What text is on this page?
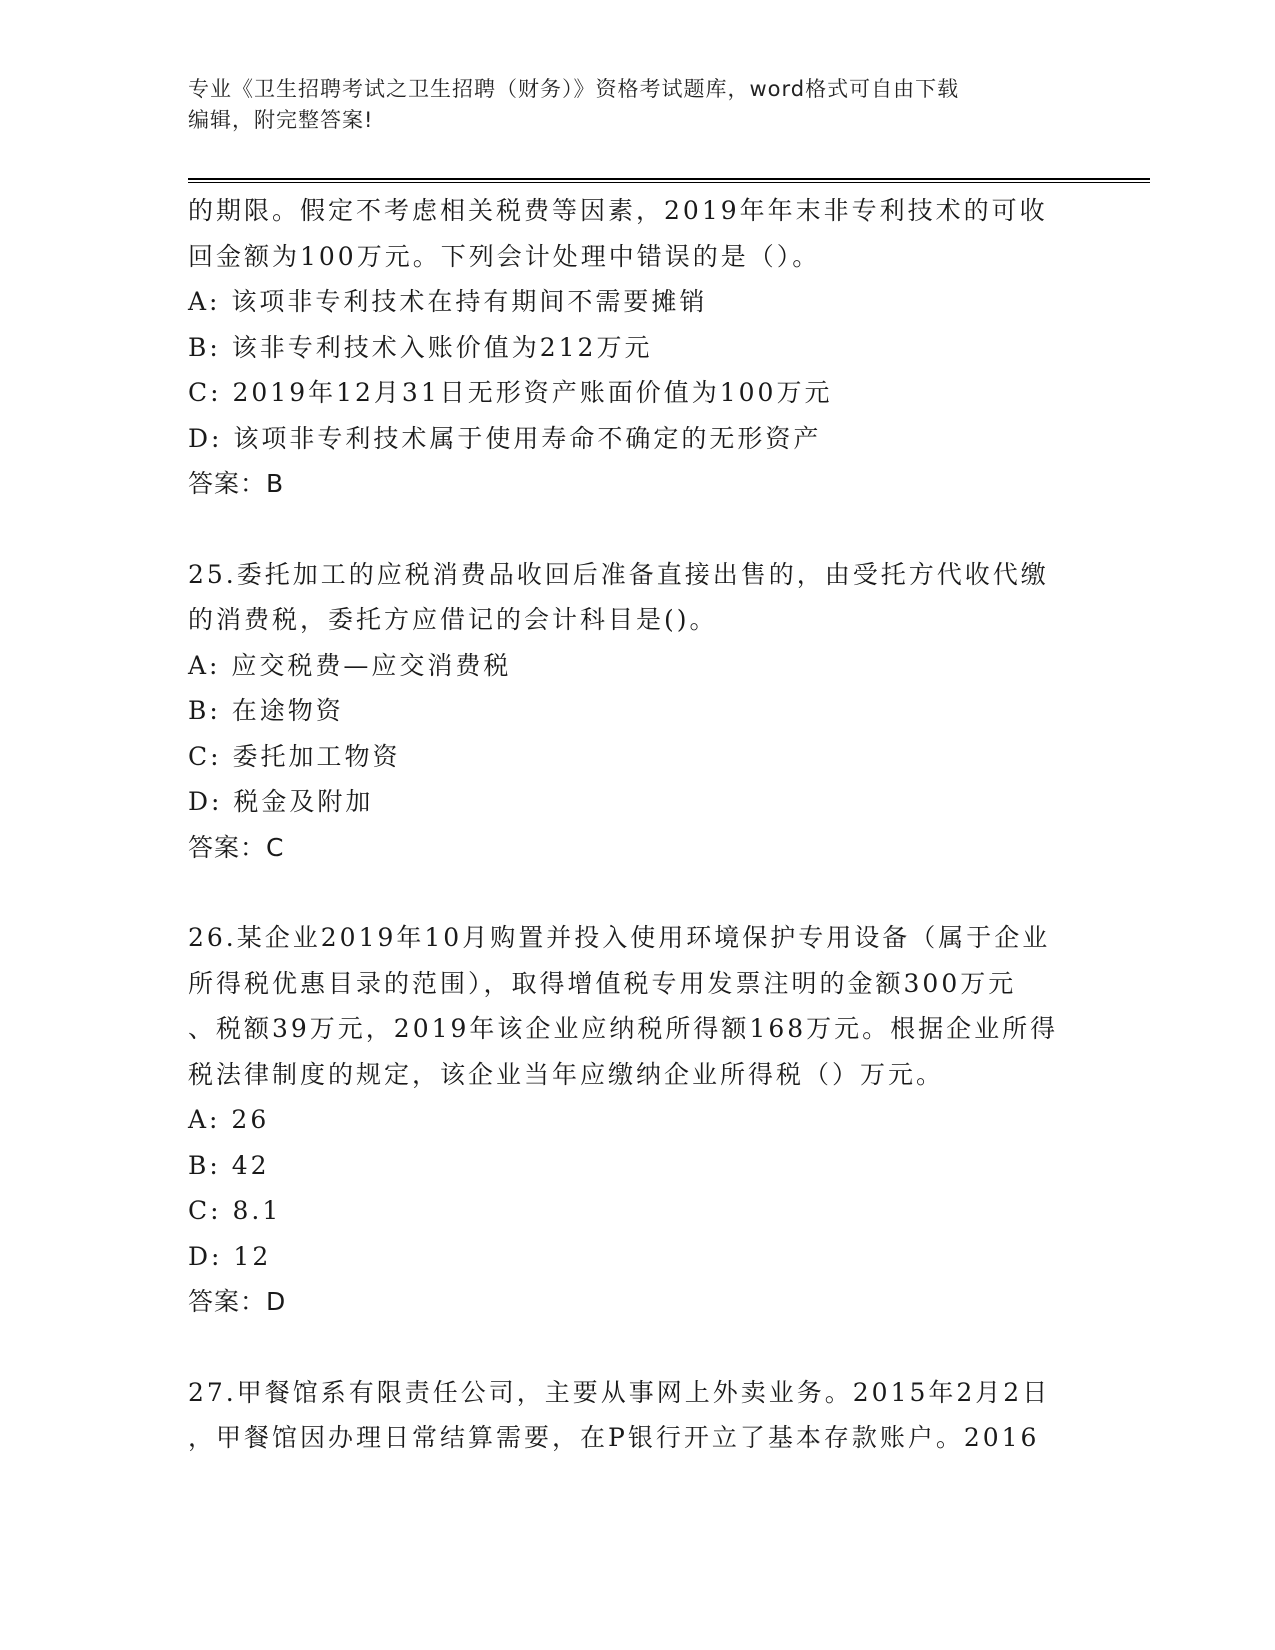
专业《卫生招聘考试之卫生招聘（财务）》资格考试题库，word格式可自由下载
编辑，附完整答案!
的期限。假定不考虑相关税费等因素，2019年年末非专利技术的可收
回金额为100万元。下列会计处理中错误的是（）。
A: 该项非专利技术在持有期间不需要摊销
B: 该非专利技术入账价值为212万元
C: 2019年12月31日无形资产账面价值为100万元
D: 该项非专利技术属于使用寿命不确定的无形资产
答案：B
25.委托加工的应税消费品收回后准备直接出售的，由受托方代收代缴
的消费税，委托方应借记的会计科目是()。
A: 应交税费—应交消费税
B: 在途物资
C: 委托加工物资
D: 税金及附加
答案：C
26.某企业2019年10月购置并投入使用环境保护专用设备（属于企业
所得税优惠目录的范围），取得增值税专用发票注明的金额300万元
、税额39万元，2019年该企业应纳税所得额168万元。根据企业所得
税法律制度的规定，该企业当年应缴纳企业所得税（）万元。
A: 26
B: 42
C: 8.1
D: 12
答案：D
27.甲餐馆系有限责任公司，主要从事网上外卖业务。2015年2月2日
，甲餐馆因办理日常结算需要，在P银行开立了基本存款账户。2016
